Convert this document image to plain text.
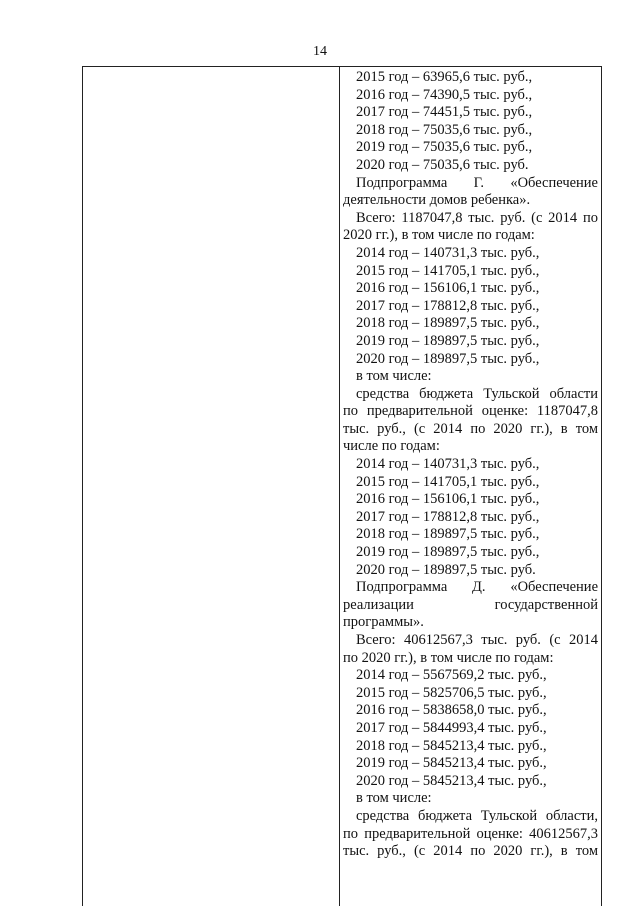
14
2015 год – 63965,6 тыс. руб.,
2016 год – 74390,5 тыс. руб.,
2017 год – 74451,5 тыс. руб.,
2018 год – 75035,6 тыс. руб.,
2019 год – 75035,6 тыс. руб.,
2020 год – 75035,6 тыс. руб.
Подпрограмма Г. «Обеспечение
деятельности домов ребенка».
Всего: 1187047,8 тыс. руб. (с 2014 по
2020 гг.), в том числе по годам:
2014 год – 140731,3 тыс. руб.,
2015 год – 141705,1 тыс. руб.,
2016 год – 156106,1 тыс. руб.,
2017 год – 178812,8 тыс. руб.,
2018 год – 189897,5 тыс. руб.,
2019 год – 189897,5 тыс. руб.,
2020 год – 189897,5 тыс. руб.,
в том числе:
средства бюджета Тульской области
по предварительной оценке: 1187047,8
тыс. руб., (с 2014 по 2020 гг.), в том
числе по годам:
2014 год – 140731,3 тыс. руб.,
2015 год – 141705,1 тыс. руб.,
2016 год – 156106,1 тыс. руб.,
2017 год – 178812,8 тыс. руб.,
2018 год – 189897,5 тыс. руб.,
2019 год – 189897,5 тыс. руб.,
2020 год – 189897,5 тыс. руб.
Подпрограмма Д. «Обеспечение
реализации государственной
программы».
Всего: 40612567,3 тыс. руб. (с 2014
по 2020 гг.), в том числе по годам:
2014 год – 5567569,2 тыс. руб.,
2015 год – 5825706,5 тыс. руб.,
2016 год – 5838658,0 тыс. руб.,
2017 год – 5844993,4 тыс. руб.,
2018 год – 5845213,4 тыс. руб.,
2019 год – 5845213,4 тыс. руб.,
2020 год – 5845213,4 тыс. руб.,
в том числе:
средства бюджета Тульской области,
по предварительной оценке: 40612567,3
тыс. руб., (с 2014 по 2020 гг.), в том
